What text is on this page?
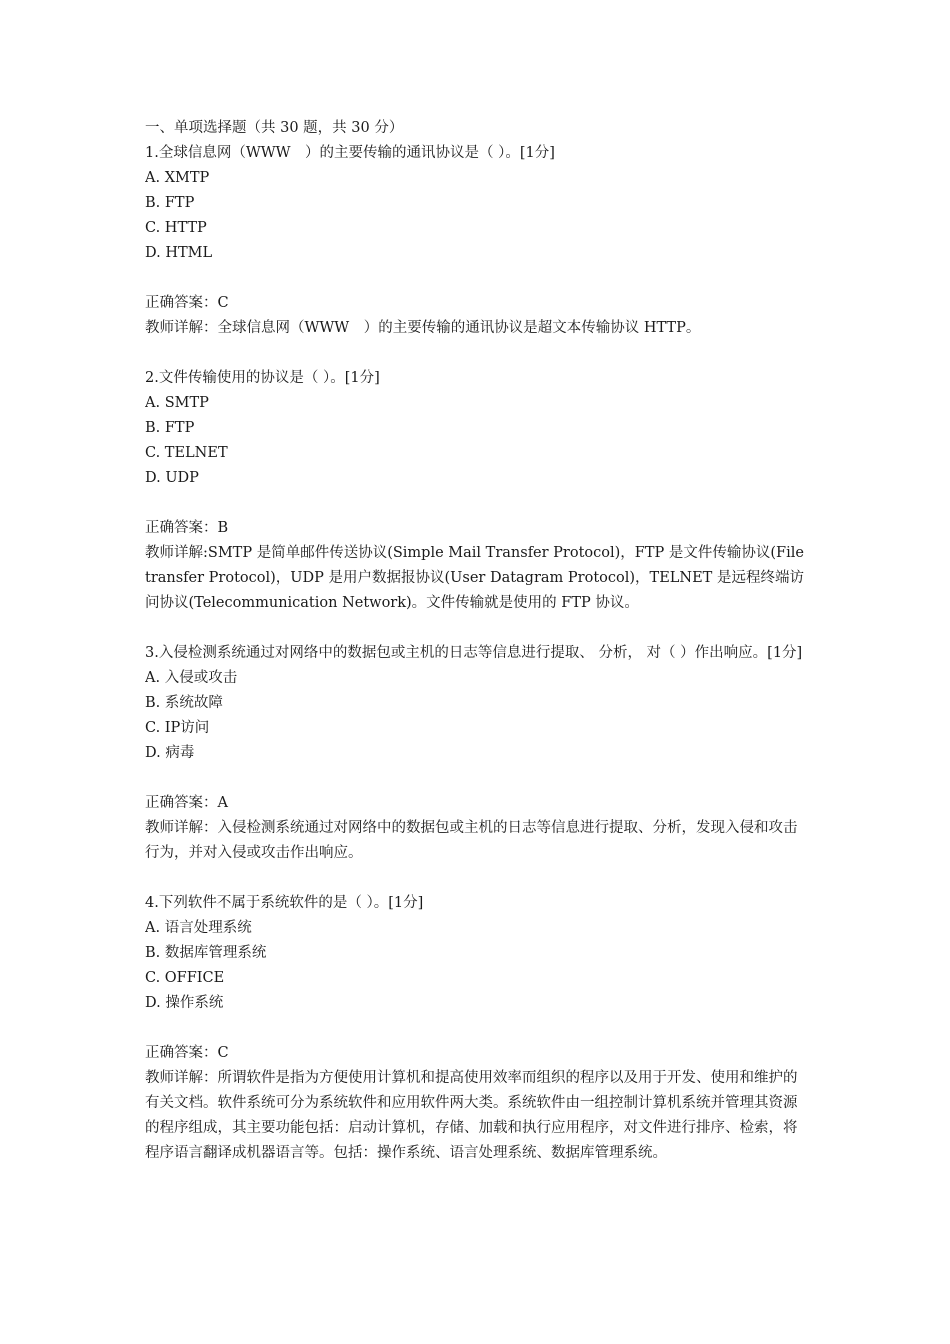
一、单项选择题（共 30 题，共 30 分）
1.全球信息网（WWW　）的主要传输的通讯协议是（ ）。[1分]
A. XMTP
B. FTP
C. HTTP
D. HTML
正确答案：C
教师详解：全球信息网（WWW　）的主要传输的通讯协议是超文本传输协议 HTTP。
2.文件传输使用的协议是（ ）。[1分]
A. SMTP
B. FTP
C. TELNET
D. UDP
正确答案：B
教师详解:SMTP 是简单邮件传送协议(Simple Mail Transfer Protocol)，FTP 是文件传输协议(File transfer Protocol)，UDP 是用户数据报协议(User Datagram Protocol)，TELNET 是远程终端访问协议(Telecommunication Network)。文件传输就是使用的 FTP 协议。
3.入侵检测系统通过对网络中的数据包或主机的日志等信息进行提取、 分析， 对（ ）作出响应。[1分]
A. 入侵或攻击
B. 系统故障
C. IP访问
D. 病毒
正确答案：A
教师详解：入侵检测系统通过对网络中的数据包或主机的日志等信息进行提取、分析，发现入侵和攻击行为，并对入侵或攻击作出响应。
4.下列软件不属于系统软件的是（ ）。[1分]
A. 语言处理系统
B. 数据库管理系统
C. OFFICE
D. 操作系统
正确答案：C
教师详解：所谓软件是指为方便使用计算机和提高使用效率而组织的程序以及用于开发、使用和维护的有关文档。软件系统可分为系统软件和应用软件两大类。系统软件由一组控制计算机系统并管理其资源的程序组成，其主要功能包括：启动计算机，存储、加载和执行应用程序，对文件进行排序、检索，将程序语言翻译成机器语言等。包括：操作系统、语言处理系统、数据库管理系统。
